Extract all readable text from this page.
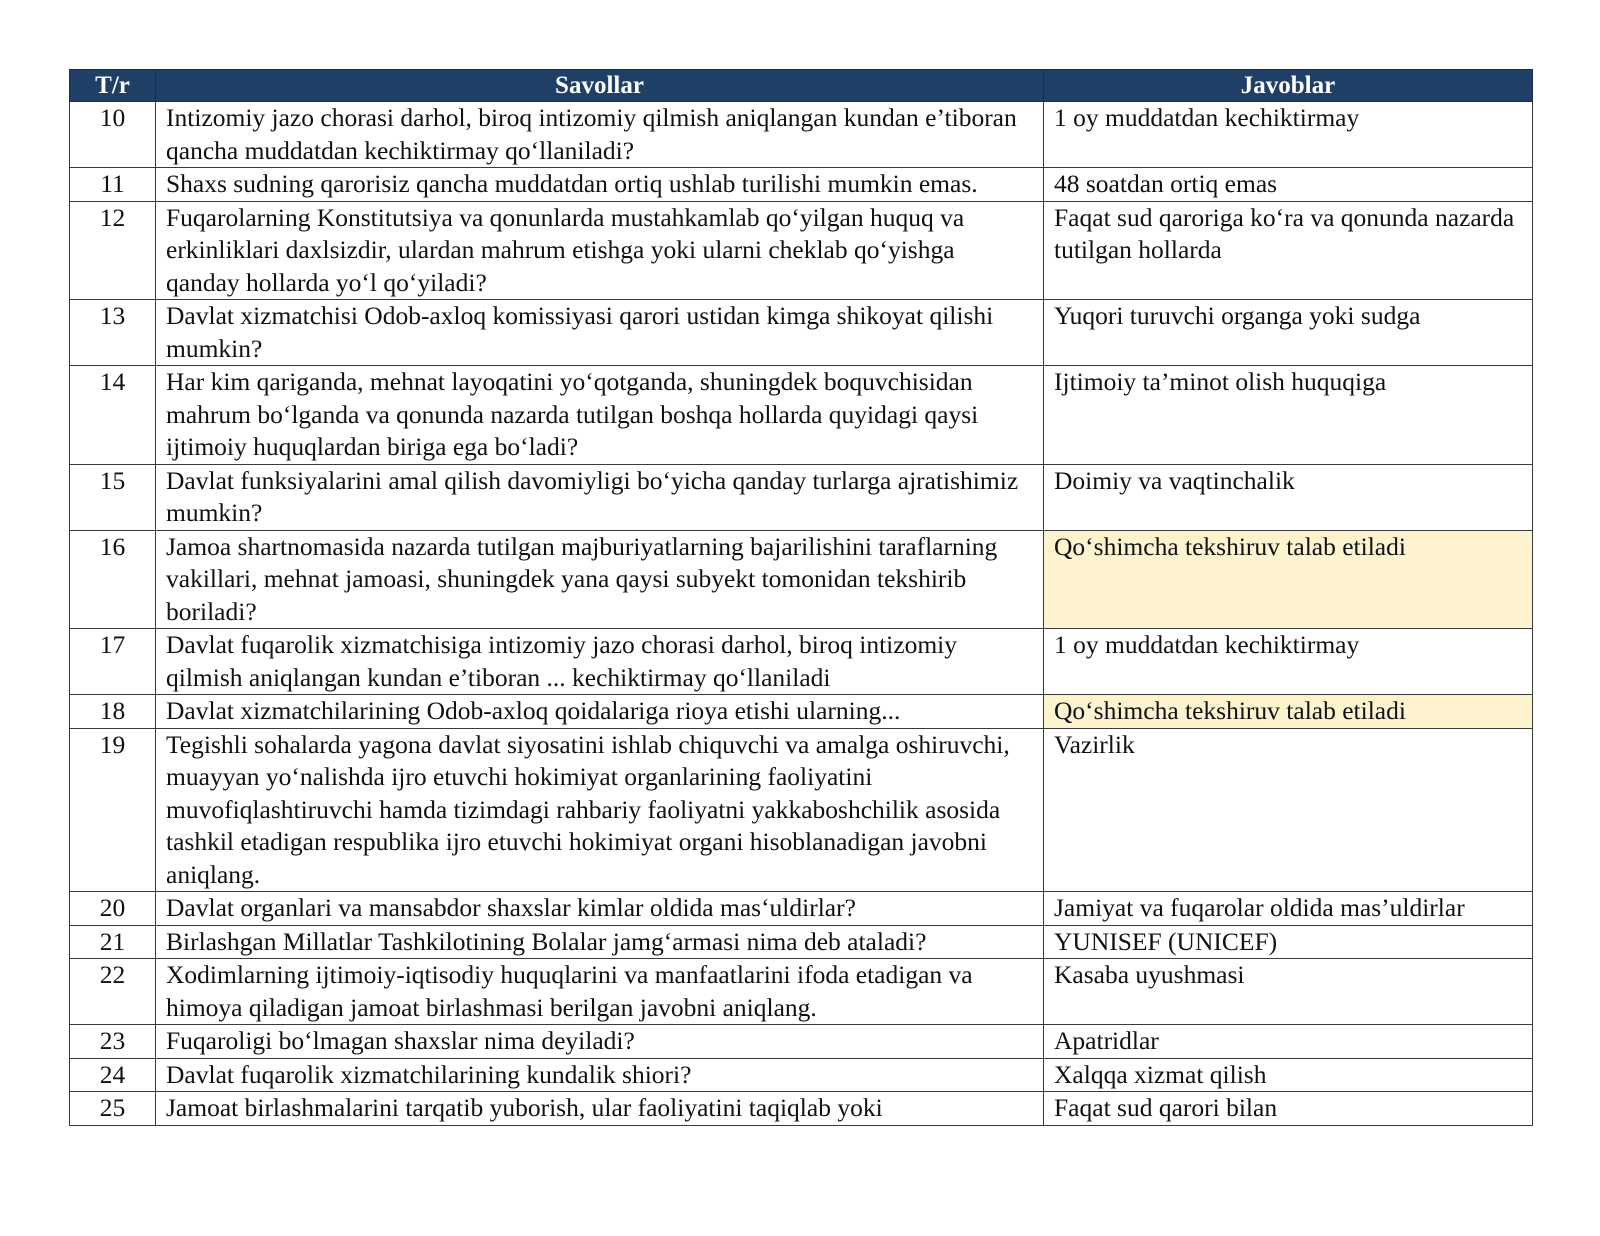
T/r	Savollar	Javoblar
10	Intizomiy jazo chorasi darhol, biroq intizomiy qilmish aniqlangan kundan e’tiboran qancha muddatdan kechiktirmay qo‘llaniladi?	1 oy muddatdan kechiktirmay
11	Shaxs sudning qarorisiz qancha muddatdan ortiq ushlab turilishi mumkin emas.	48 soatdan ortiq emas
12	Fuqarolarning Konstitutsiya va qonunlarda mustahkamlab qo‘yilgan huquq va erkinliklari daxlsizdir, ulardan mahrum etishga yoki ularni cheklab qo‘yishga qanday hollarda yo‘l qo‘yiladi?	Faqat sud qaroriga ko‘ra va qonunda nazarda tutilgan hollarda
13	Davlat xizmatchisi Odob-axloq komissiyasi qarori ustidan kimga shikoyat qilishi mumkin?	Yuqori turuvchi organga yoki sudga
14	Har kim qariganda, mehnat layoqatini yo‘qotganda, shuningdek boquvchisidan mahrum bo‘lganda va qonunda nazarda tutilgan boshqa hollarda quyidagi qaysi ijtimoiy huquqlardan biriga ega bo‘ladi?	Ijtimoiy ta’minot olish huquqiga
15	Davlat funksiyalarini amal qilish davomiyligi bo‘yicha qanday turlarga ajratishimiz mumkin?	Doimiy va vaqtinchalik
16	Jamoa shartnomasida nazarda tutilgan majburiyatlarning bajarilishini taraflarning vakillari, mehnat jamoasi, shuningdek yana qaysi subyekt tomonidan tekshirib boriladi?	Qo‘shimcha tekshiruv talab etiladi
17	Davlat fuqarolik xizmatchisiga intizomiy jazo chorasi darhol, biroq intizomiy qilmish aniqlangan kundan e’tiboran ... kechiktirmay qo‘llaniladi	1 oy muddatdan kechiktirmay
18	Davlat xizmatchilarining Odob-axloq qoidalariga rioya etishi ularning...	Qo‘shimcha tekshiruv talab etiladi
19	Tegishli sohalarda yagona davlat siyosatini ishlab chiquvchi va amalga oshiruvchi, muayyan yo‘nalishda ijro etuvchi hokimiyat organlarining faoliyatini muvofiqlashtiruvchi hamda tizimdagi rahbariy faoliyatni yakkaboshchilik asosida tashkil etadigan respublika ijro etuvchi hokimiyat organi hisoblanadigan javobni aniqlang.	Vazirlik
20	Davlat organlari va mansabdor shaxslar kimlar oldida mas‘uldirlar?	Jamiyat va fuqarolar oldida mas’uldirlar
21	Birlashgan Millatlar Tashkilotining Bolalar jamg‘armasi nima deb ataladi?	YUNISEF (UNICEF)
22	Xodimlarning ijtimoiy-iqtisodiy huquqlarini va manfaatlarini ifoda etadigan va himoya qiladigan jamoat birlashmasi berilgan javobni aniqlang.	Kasaba uyushmasi
23	Fuqaroligi bo‘lmagan shaxslar nima deyiladi?	Apatridlar
24	Davlat fuqarolik xizmatchilarining kundalik shiori?	Xalqqa xizmat qilish
25	Jamoat birlashmalarini tarqatib yuborish, ular faoliyatini taqiqlab yoki	Faqat sud qarori bilan
